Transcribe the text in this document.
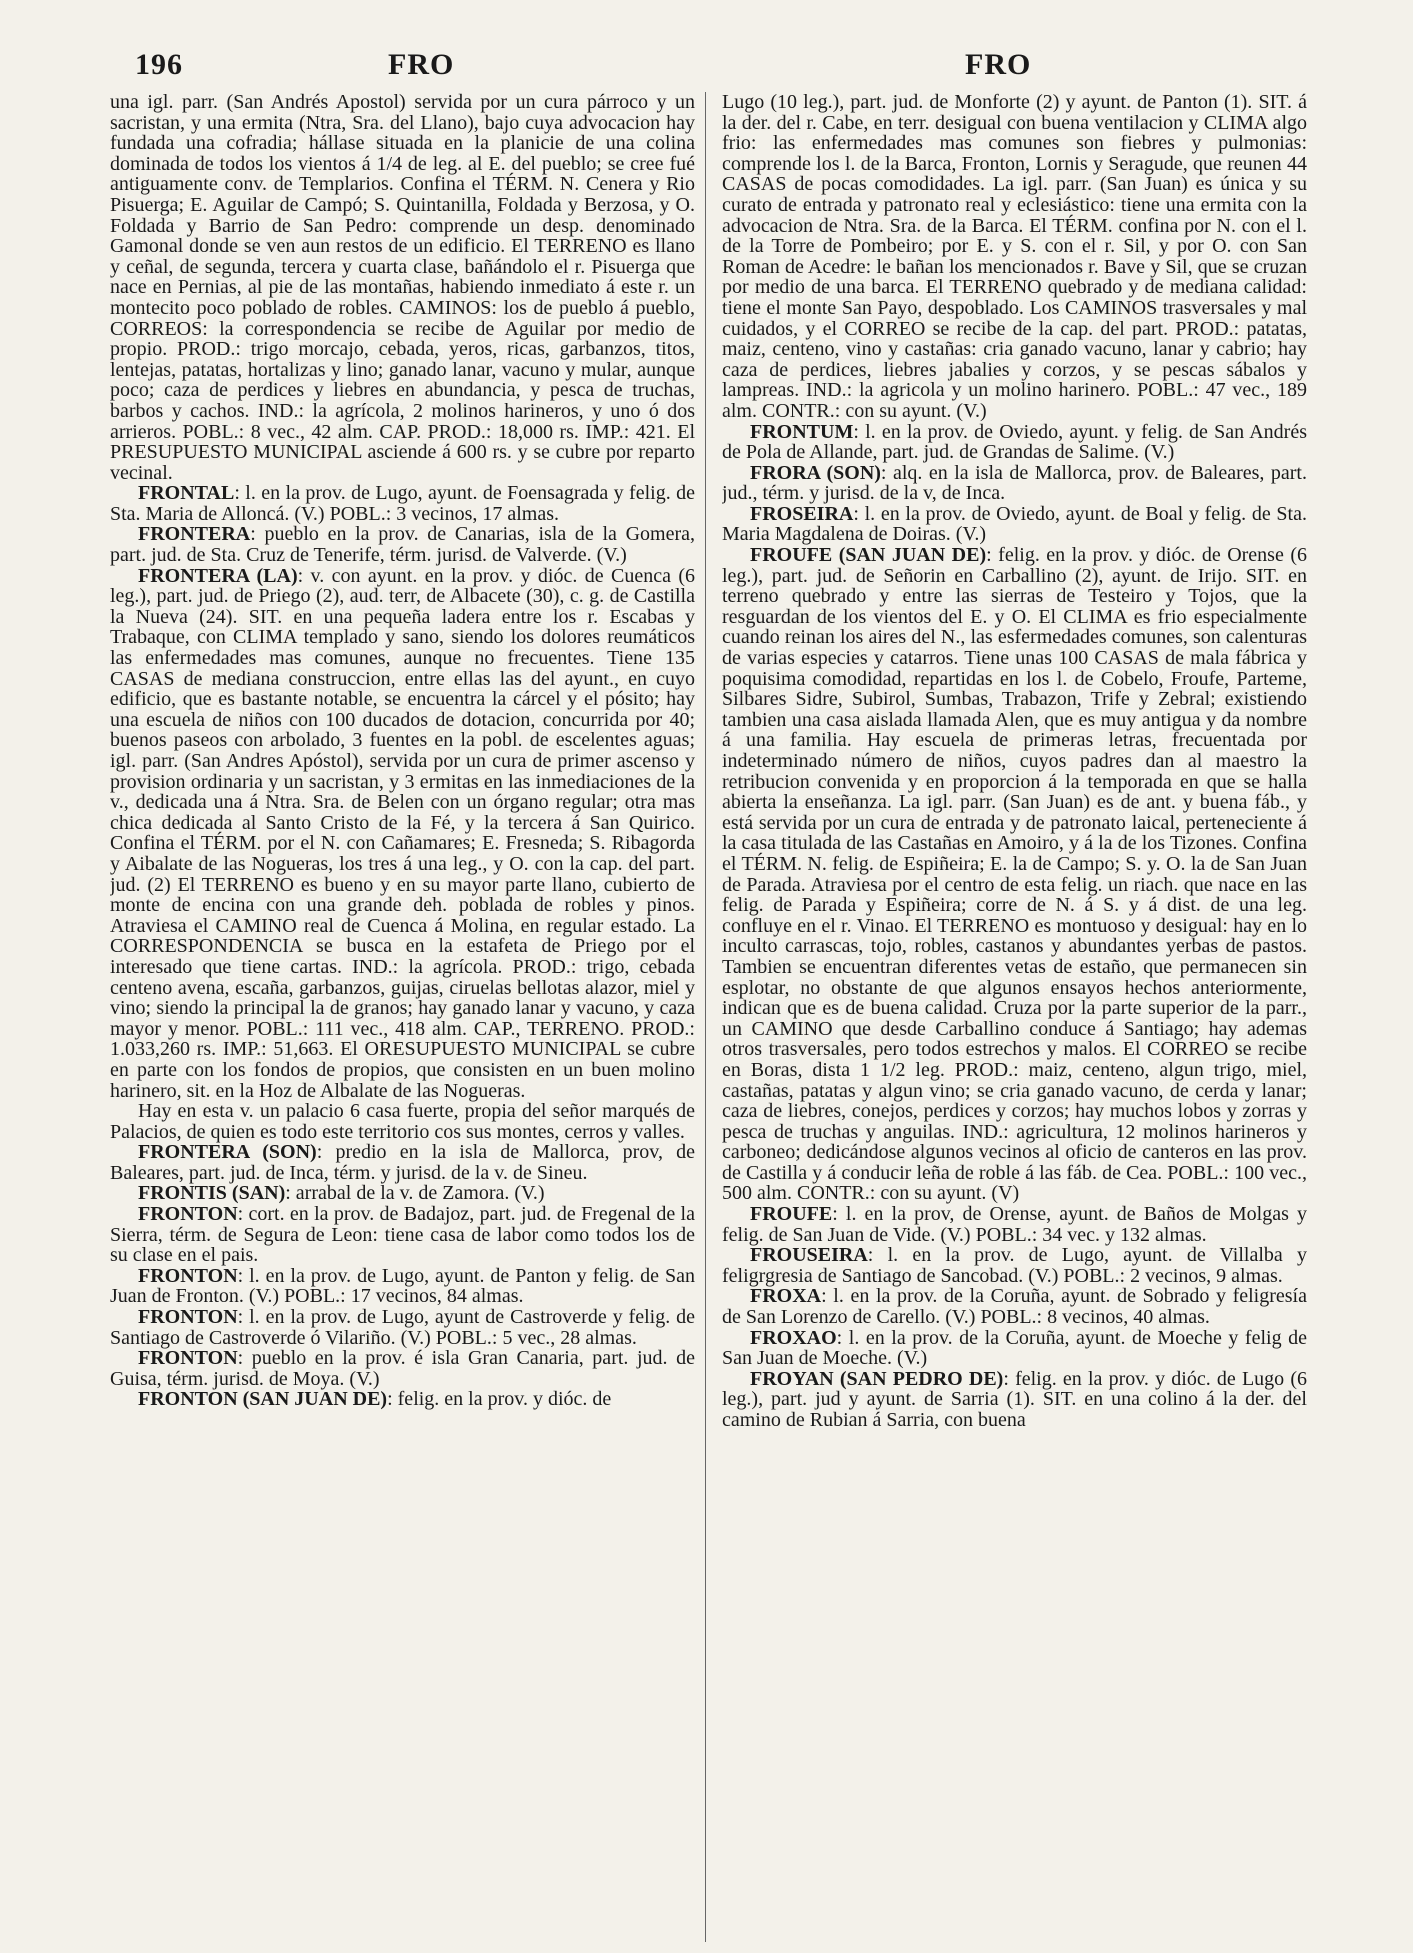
196	FRO	FRO

una igl. parr. (San Andrés Apostol) servida por un cura párroco y un sacristan, y una ermita (Ntra, Sra. del Llano), bajo cuya advocacion hay fundada una cofradia; hállase situada en la planicie de una colina dominada de todos los vientos á 1/4 de leg. al E. del pueblo; se cree fué antiguamente conv. de Templarios. Confina el TÉRM. N. Cenera y Rio Pisuerga; E. Aguilar de Campó; S. Quintanilla, Foldada y Berzosa, y O. Foldada y Barrio de San Pedro: comprende un desp. denominado Gamonal donde se ven aun restos de un edificio. El TERRENO es llano y ceñal, de segunda, tercera y cuarta clase, bañándolo el r. Pisuerga que nace en Pernias, al pie de las montañas, habiendo inmediato á este r. un montecito poco poblado de robles. CAMINOS: los de pueblo á pueblo, CORREOS: la correspondencia se recibe de Aguilar por medio de propio. PROD.: trigo morcajo, cebada, yeros, ricas, garbanzos, titos, lentejas, patatas, hortalizas y lino; ganado lanar, vacuno y mular, aunque poco; caza de perdices y liebres en abundancia, y pesca de truchas, barbos y cachos. IND.: la agrícola, 2 molinos harineros, y uno ó dos arrieros. POBL.: 8 vec., 42 alm. CAP. PROD.: 18,000 rs. IMP.: 421. El PRESUPUESTO MUNICIPAL asciende á 600 rs. y se cubre por reparto vecinal.

FRONTAL: l. en la prov. de Lugo, ayunt. de Foensagrada y felig. de Sta. Maria de Alloncá. (V.) POBL.: 3 vecinos, 17 almas.

FRONTERA: pueblo en la prov. de Canarias, isla de la Gomera, part. jud. de Sta. Cruz de Tenerife, térm. jurisd. de Valverde. (V.)

FRONTERA (LA): v. con ayunt. en la prov. y dióc. de Cuenca (6 leg.), part. jud. de Priego (2), aud. terr, de Albacete (30), c. g. de Castilla la Nueva (24). SIT. en una pequeña ladera entre los r. Escabas y Trabaque, con CLIMA templado y sano, siendo los dolores reumáticos las enfermedades mas comunes, aunque no frecuentes. Tiene 135 CASAS de mediana construccion, entre ellas las del ayunt., en cuyo edificio, que es bastante notable, se encuentra la cárcel y el pósito; hay una escuela de niños con 100 ducados de dotacion, concurrida por 40; buenos paseos con arbolado, 3 fuentes en la pobl. de escelentes aguas; igl. parr. (San Andres Apóstol), servida por un cura de primer ascenso y provision ordinaria y un sacristan, y 3 ermitas en las inmediaciones de la v., dedicada una á Ntra. Sra. de Belen con un órgano regular; otra mas chica dedicada al Santo Cristo de la Fé, y la tercera á San Quirico. Confina el TÉRM. por el N. con Cañamares; E. Fresneda; S. Ribagorda y Aibalate de las Nogueras, los tres á una leg., y O. con la cap. del part. jud. (2) El TERRENO es bueno y en su mayor parte llano, cubierto de monte de encina con una grande deh. poblada de robles y pinos. Atraviesa el CAMINO real de Cuenca á Molina, en regular estado. La CORRESPONDENCIA se busca en la estafeta de Priego por el interesado que tiene cartas. IND.: la agrícola. PROD.: trigo, cebada centeno avena, escaña, garbanzos, guijas, ciruelas bellotas alazor, miel y vino; siendo la principal la de granos; hay ganado lanar y vacuno, y caza mayor y menor. POBL.: 111 vec., 418 alm. CAP., TERRENO. PROD.: 1.033,260 rs. IMP.: 51,663. El ORESUPUESTO MUNICIPAL se cubre en parte con los fondos de propios, que consisten en un buen molino harinero, sit. en la Hoz de Albalate de las Nogueras.

Hay en esta v. un palacio 6 casa fuerte, propia del señor marqués de Palacios, de quien es todo este territorio cos sus montes, cerros y valles.

FRONTERA (SON): predio en la isla de Mallorca, prov, de Baleares, part. jud. de Inca, térm. y jurisd. de la v. de Sineu.

FRONTIS (SAN): arrabal de la v. de Zamora. (V.)

FRONTON: cort. en la prov. de Badajoz, part. jud. de Fregenal de la Sierra, térm. de Segura de Leon: tiene casa de labor como todos los de su clase en el pais.

FRONTON: l. en la prov. de Lugo, ayunt. de Panton y felig. de San Juan de Fronton. (V.) POBL.: 17 vecinos, 84 almas.

FRONTON: l. en la prov. de Lugo, ayunt de Castroverde y felig. de Santiago de Castroverde ó Vilariño. (V.) POBL.: 5 vec., 28 almas.

FRONTON: pueblo en la prov. é isla Gran Canaria, part. jud. de Guisa, térm. jurisd. de Moya. (V.)

FRONTON (SAN JUAN DE): felig. en la prov. y dióc. de

Lugo (10 leg.), part. jud. de Monforte (2) y ayunt. de Panton (1). SIT. á la der. del r. Cabe, en terr. desigual con buena ventilacion y CLIMA algo frio: las enfermedades mas comunes son fiebres y pulmonias: comprende los l. de la Barca, Fronton, Lornis y Seragude, que reunen 44 CASAS de pocas comodidades. La igl. parr. (San Juan) es única y su curato de entrada y patronato real y eclesiástico: tiene una ermita con la advocacion de Ntra. Sra. de la Barca. El TÉRM. confina por N. con el l. de la Torre de Pombeiro; por E. y S. con el r. Sil, y por O. con San Roman de Acedre: le bañan los mencionados r. Bave y Sil, que se cruzan por medio de una barca. El TERRENO quebrado y de mediana calidad: tiene el monte San Payo, despoblado. Los CAMINOS trasversales y mal cuidados, y el CORREO se recibe de la cap. del part. PROD.: patatas, maiz, centeno, vino y castañas: cria ganado vacuno, lanar y cabrio; hay caza de perdices, liebres jabalies y corzos, y se pescas sábalos y lampreas. IND.: la agricola y un molino harinero. POBL.: 47 vec., 189 alm. CONTR.: con su ayunt. (V.)

FRONTUM: l. en la prov. de Oviedo, ayunt. y felig. de San Andrés de Pola de Allande, part. jud. de Grandas de Salime. (V.)

FRORA (SON): alq. en la isla de Mallorca, prov. de Baleares, part. jud., térm. y jurisd. de la v, de Inca.

FROSEIRA: l. en la prov. de Oviedo, ayunt. de Boal y felig. de Sta. Maria Magdalena de Doiras. (V.)

FROUFE (SAN JUAN DE): felig. en la prov. y dióc. de Orense (6 leg.), part. jud. de Señorin en Carballino (2), ayunt. de Irijo. SIT. en terreno quebrado y entre las sierras de Testeiro y Tojos, que la resguardan de los vientos del E. y O. El CLIMA es frio especialmente cuando reinan los aires del N., las esfermedades comunes, son calenturas de varias especies y catarros. Tiene unas 100 CASAS de mala fábrica y poquisima comodidad, repartidas en los l. de Cobelo, Froufe, Parteme, Silbares Sidre, Subirol, Sumbas, Trabazon, Trife y Zebral; existiendo tambien una casa aislada llamada Alen, que es muy antigua y da nombre á una familia. Hay escuela de primeras letras, frecuentada por indeterminado número de niños, cuyos padres dan al maestro la retribucion convenida y en proporcion á la temporada en que se halla abierta la enseñanza. La igl. parr. (San Juan) es de ant. y buena fáb., y está servida por un cura de entrada y de patronato laical, perteneciente á la casa titulada de las Castañas en Amoiro, y á la de los Tizones. Confina el TÉRM. N. felig. de Espiñeira; E. la de Campo; S. y. O. la de San Juan de Parada. Atraviesa por el centro de esta felig. un riach. que nace en las felig. de Parada y Espiñeira; corre de N. á S. y á dist. de una leg. confluye en el r. Vinao. El TERRENO es montuoso y desigual: hay en lo inculto carrascas, tojo, robles, castanos y abundantes yerbas de pastos. Tambien se encuentran diferentes vetas de estaño, que permanecen sin esplotar, no obstante de que algunos ensayos hechos anteriormente, indican que es de buena calidad. Cruza por la parte superior de la parr., un CAMINO que desde Carballino conduce á Santiago; hay ademas otros trasversales, pero todos estrechos y malos. El CORREO se recibe en Boras, dista 1 1/2 leg. PROD.: maiz, centeno, algun trigo, miel, castañas, patatas y algun vino; se cria ganado vacuno, de cerda y lanar; caza de liebres, conejos, perdices y corzos; hay muchos lobos y zorras y pesca de truchas y anguilas. IND.: agricultura, 12 molinos harineros y carboneo; dedicándose algunos vecinos al oficio de canteros en las prov. de Castilla y á conducir leña de roble á las fáb. de Cea. POBL.: 100 vec., 500 alm. CONTR.: con su ayunt. (V)

FROUFE: l. en la prov, de Orense, ayunt. de Baños de Molgas y felig. de San Juan de Vide. (V.) POBL.: 34 vec. y 132 almas.

FROUSEIRA: l. en la prov. de Lugo, ayunt. de Villalba y feligrgresia de Santiago de Sancobad. (V.) POBL.: 2 vecinos, 9 almas.

FROXA: l. en la prov. de la Coruña, ayunt. de Sobrado y feligresía de San Lorenzo de Carello. (V.) POBL.: 8 vecinos, 40 almas.

FROXAO: l. en la prov. de la Coruña, ayunt. de Moeche y felig de San Juan de Moeche. (V.)

FROYAN (SAN PEDRO DE): felig. en la prov. y dióc. de Lugo (6 leg.), part. jud y ayunt. de Sarria (1). SIT. en una colino á la der. del camino de Rubian á Sarria, con buena
